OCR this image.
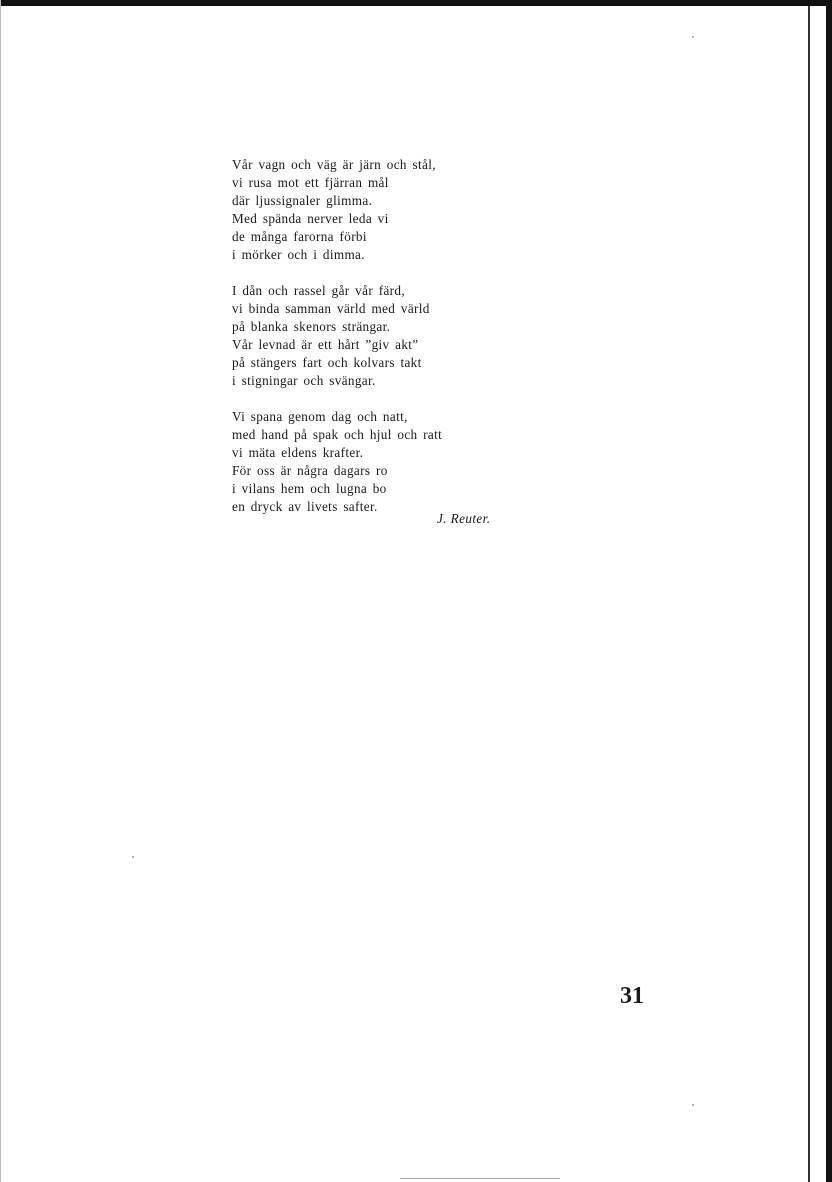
Vår vagn och väg är järn och stål,
vi rusa mot ett fjärran mål
där ljussignaler glimma.
Med spända nerver leda vi
de många farorna förbi
i mörker och i dimma.
I dån och rassel går vår färd,
vi binda samman värld med värld
på blanka skenors strängar.
Vår levnad är ett hårt ”giv akt”
på stängers fart och kolvars takt
i stigningar och svängar.
Vi spana genom dag och natt,
med hand på spak och hjul och ratt
vi mäta eldens krafter.
För oss är några dagars ro
i vilans hem och lugna bo
en dryck av livets safter.
J. Reuter.
31
